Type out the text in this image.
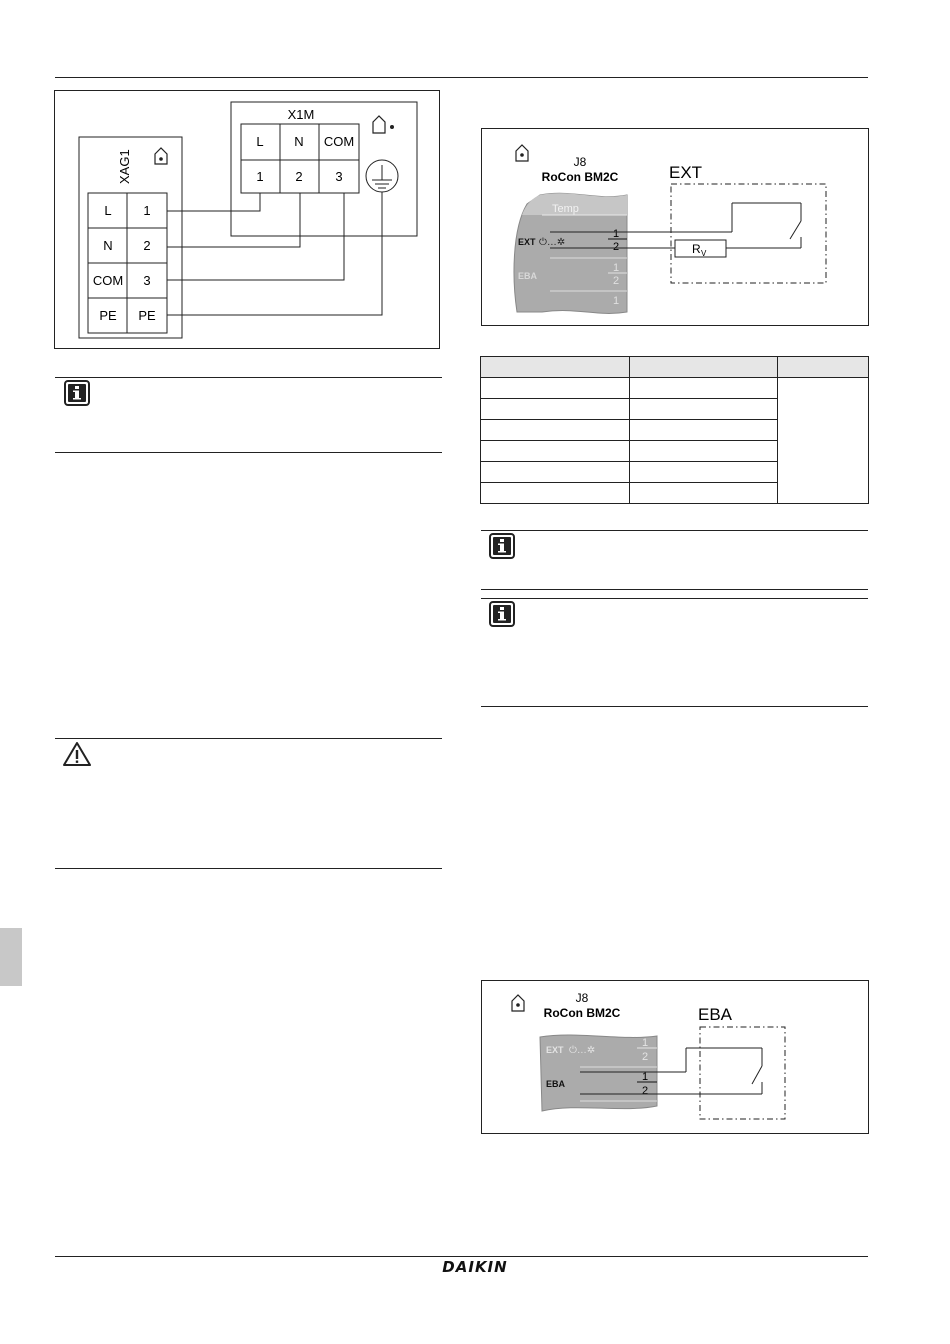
XAG1
L 1
N 2
COM 3
PE PE
X1M
L N COM
1 2	3
J8
RoCon BM2C
Temp
EXT ⏻…✲
EBA
1
2
1
2
1
EXT
R V

J8
RoCon BM2C
EXT ⏻…✲
EBA
1
2
1
2
EBA
DAIKIN
